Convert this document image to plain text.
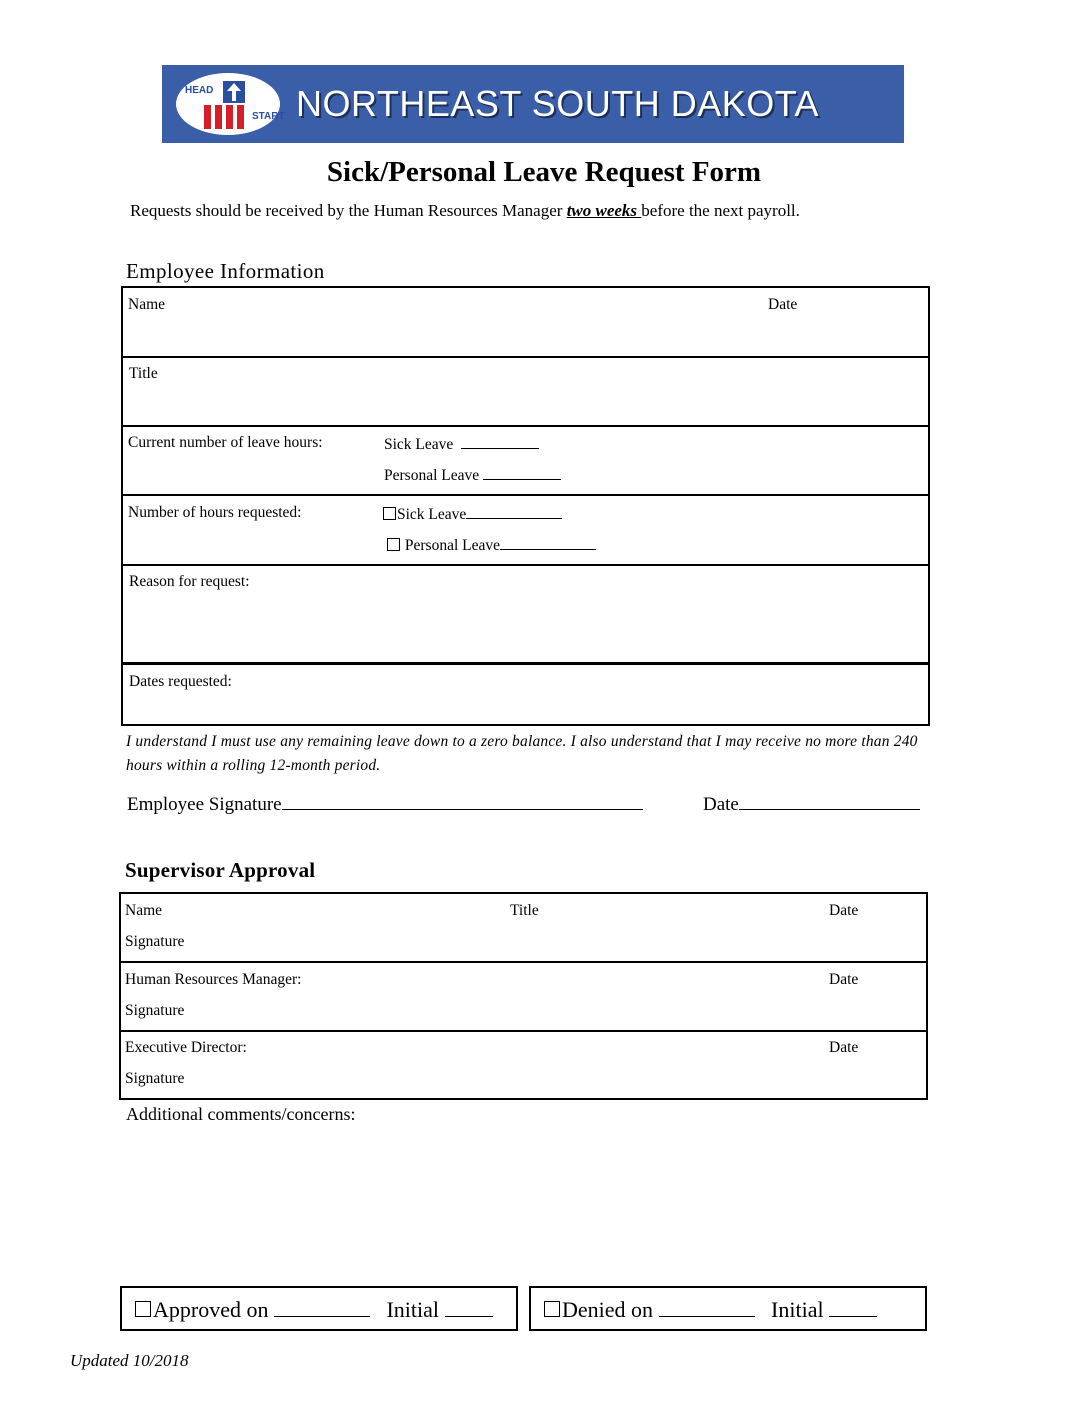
HEAD
START NORTHEAST SOUTH DAKOTA
Sick/Personal Leave Request Form
Requests should be received by the Human Resources Manager two weeks before the next payroll.
Employee Information
Name	Date
Title
Current number of leave hours:	Sick Leave
Personal Leave
Number of hours requested:	Sick Leave
Personal Leave
Reason for request:
Dates requested:
I understand I must use any remaining leave down to a zero balance. I also understand that I may receive no more than 240 hours within a rolling 12-month period.
Employee Signature	Date
Supervisor Approval
Name	Title	Date
Signature
Human Resources Manager:	Date
Signature
Executive Director:	Date
Signature
Additional comments/concerns:
Approved on	Initial	Denied on	Initial
Updated 10/2018
